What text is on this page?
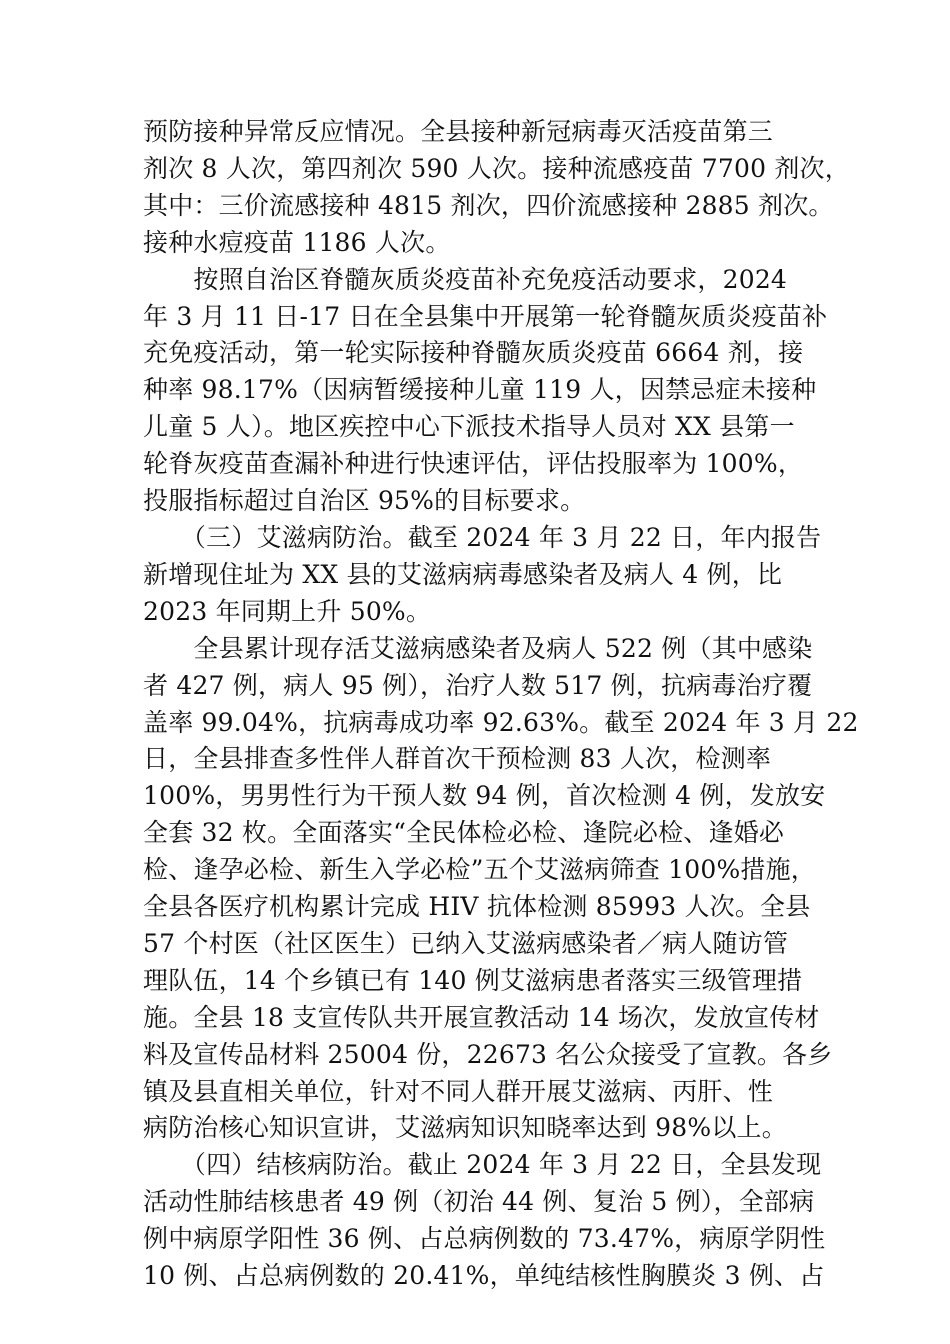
预防接种异常反应情况。全县接种新冠病毒灭活疫苗第三
剂次 8 人次，第四剂次 590 人次。接种流感疫苗 7700 剂次，
其中：三价流感接种 4815 剂次，四价流感接种 2885 剂次。
接种水痘疫苗 1186 人次。
　　按照自治区脊髓灰质炎疫苗补充免疫活动要求，2024
年 3 月 11 日-17 日在全县集中开展第一轮脊髓灰质炎疫苗补
充免疫活动，第一轮实际接种脊髓灰质炎疫苗 6664 剂，接
种率 98.17%（因病暂缓接种儿童 119 人，因禁忌症未接种
儿童 5 人）。地区疾控中心下派技术指导人员对 XX 县第一
轮脊灰疫苗查漏补种进行快速评估，评估投服率为 100%，
投服指标超过自治区 95%的目标要求。
　　（三）艾滋病防治。截至 2024 年 3 月 22 日，年内报告
新增现住址为 XX 县的艾滋病病毒感染者及病人 4 例，比
2023 年同期上升 50%。
　　全县累计现存活艾滋病感染者及病人 522 例（其中感染
者 427 例，病人 95 例），治疗人数 517 例，抗病毒治疗覆
盖率 99.04%，抗病毒成功率 92.63%。截至 2024 年 3 月 22
日，全县排查多性伴人群首次干预检测 83 人次，检测率
100%，男男性行为干预人数 94 例，首次检测 4 例，发放安
全套 32 枚。全面落实“全民体检必检、逢院必检、逢婚必
检、逢孕必检、新生入学必检”五个艾滋病筛查 100%措施，
全县各医疗机构累计完成 HIV 抗体检测 85993 人次。全县
57 个村医（社区医生）已纳入艾滋病感染者／病人随访管
理队伍，14 个乡镇已有 140 例艾滋病患者落实三级管理措
施。全县 18 支宣传队共开展宣教活动 14 场次，发放宣传材
料及宣传品材料 25004 份，22673 名公众接受了宣教。各乡
镇及县直相关单位，针对不同人群开展艾滋病、丙肝、性
病防治核心知识宣讲，艾滋病知识知晓率达到 98%以上。
　　（四）结核病防治。截止 2024 年 3 月 22 日，全县发现
活动性肺结核患者 49 例（初治 44 例、复治 5 例），全部病
例中病原学阳性 36 例、占总病例数的 73.47%，病原学阴性
10 例、占总病例数的 20.41%，单纯结核性胸膜炎 3 例、占
